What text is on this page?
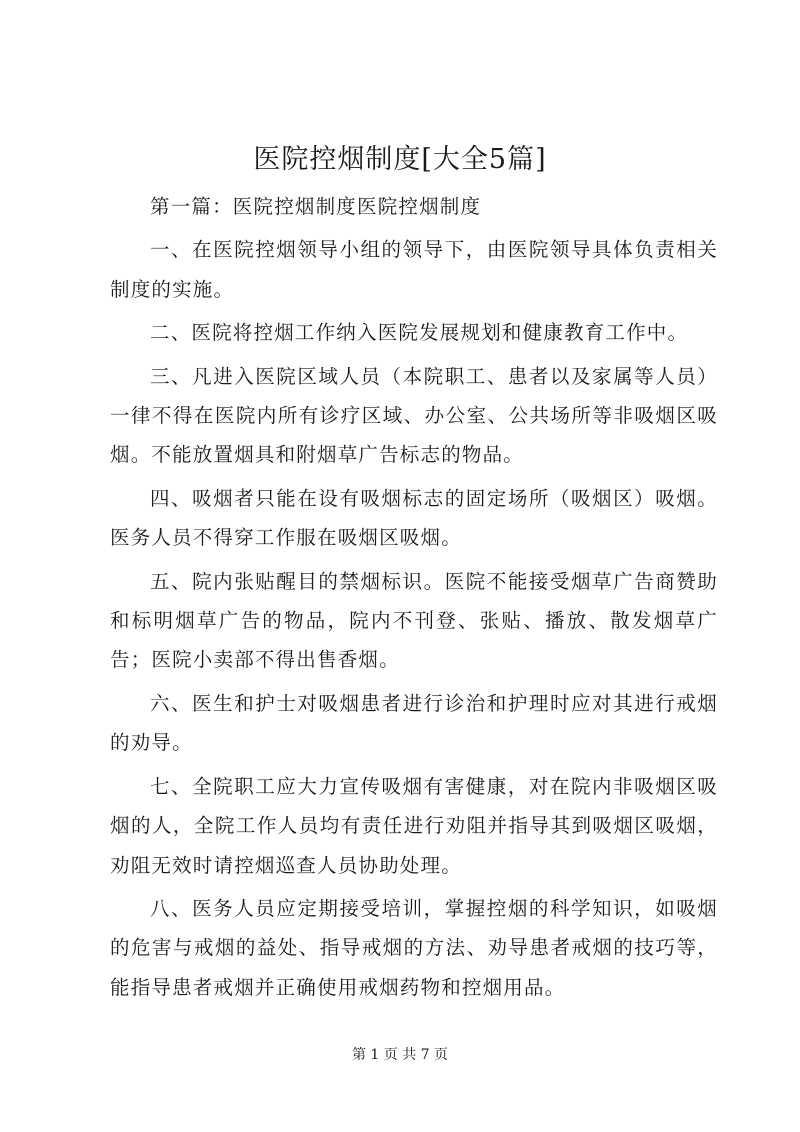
医院控烟制度[大全5篇]

第一篇：医院控烟制度医院控烟制度

一、在医院控烟领导小组的领导下，由医院领导具体负责相关制度的实施。

二、医院将控烟工作纳入医院发展规划和健康教育工作中。

三、凡进入医院区域人员（本院职工、患者以及家属等人员）一律不得在医院内所有诊疗区域、办公室、公共场所等非吸烟区吸烟。不能放置烟具和附烟草广告标志的物品。

四、吸烟者只能在设有吸烟标志的固定场所（吸烟区）吸烟。医务人员不得穿工作服在吸烟区吸烟。

五、院内张贴醒目的禁烟标识。医院不能接受烟草广告商赞助和标明烟草广告的物品，院内不刊登、张贴、播放、散发烟草广告；医院小卖部不得出售香烟。

六、医生和护士对吸烟患者进行诊治和护理时应对其进行戒烟的劝导。

七、全院职工应大力宣传吸烟有害健康，对在院内非吸烟区吸烟的人，全院工作人员均有责任进行劝阻并指导其到吸烟区吸烟，劝阻无效时请控烟巡查人员协助处理。

八、医务人员应定期接受培训，掌握控烟的科学知识，如吸烟的危害与戒烟的益处、指导戒烟的方法、劝导患者戒烟的技巧等，能指导患者戒烟并正确使用戒烟药物和控烟用品。

第 1 页 共 7 页
